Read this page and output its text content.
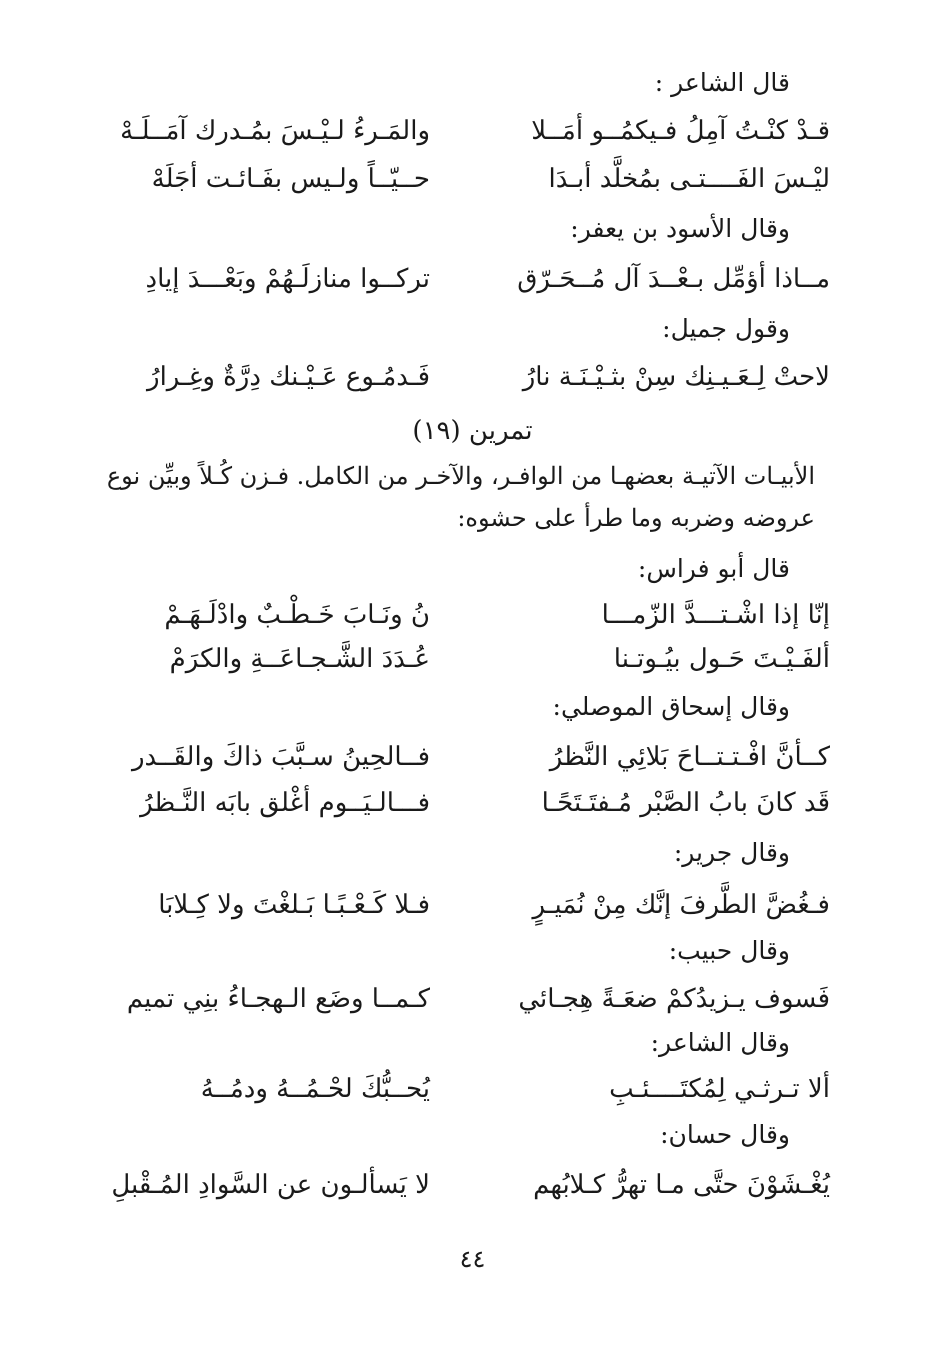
قال الشاعر :
قـدْ كنْـتُ آمِلُ فـيكمُــو أمَــلا
والمَـرءُ لـيْـسَ بمُـدرك آمَــلَـهْ
ليْـسَ الفَــــتـى بمُخلَّد أبـدَا
حــيّــاً ولـيس بفَـائـت أجَلَهْ
وقال الأسود بن يعفر:
مــاذا أؤمِّل بـعْــدَ آل مُــحَـرّق
تركــوا منازلَـهُمْ وبَعْـــدَ إيادِ
وقول جميل:
لاحتْ لِـعَـيـنِك سِنْ بثـيْـنَـة نارُ
فَـدمُـوع عَـيْـنك دِرَّةٌ وغِـرارُ
تمرين (١٩)
الأبيـات الآتيـة بعضهـا من الوافـر، والآخـر من الكامل. فـزن كُـلاً وبيِّن نوع
عروضه وضربه وما طرأ على حشوه:
قال أبو فراس:
إنّا إذا اشْـتـــدَّ الزّمـــا
نُ ونَـابَ خَـطْـبٌ وادْلَـهَـمْ
ألفَـيْـتَ حَـول بيُـوتـنا
عُـدَدَ الشَّـجـاعَــةِ والكرَمْ
وقال إسحاق الموصلي:
كــأنَّ افْـتـتــاحَ بَلائِي النَّظرُ
فــالحِينُ سـبَّبَ ذاكَ والقَــدر
قَد كانَ بابُ الصَّبْر مُـفتَـتَحًـا
فـــالـيَــوم أغْلق بابَه النَّـظرُ
وقال جرير:
فـغُضَّ الطَّرفَ إنَّك مِنْ نُمَيـرٍ
فـلا كَـعْـبًـا بَـلغْتَ ولا كِـلابَا
وقال حبيب:
فَسوف يـزيدُكمْ ضعَـةً هِجـائي
كـمــا وضَع الـهجـاءُ بنِي تميم
وقال الشاعر:
ألا تـرثـي لِمُكتَــــئـبِ
يُحــبُّكَ لحْـمُــهُ ودمُــهُ
وقال حسان:
يُغْـشَوْنَ حتَّى مـا تهرُّ كـلابُهم
لا يَسألـون عن السَّوادِ المُـقْبلِ
٤٤
